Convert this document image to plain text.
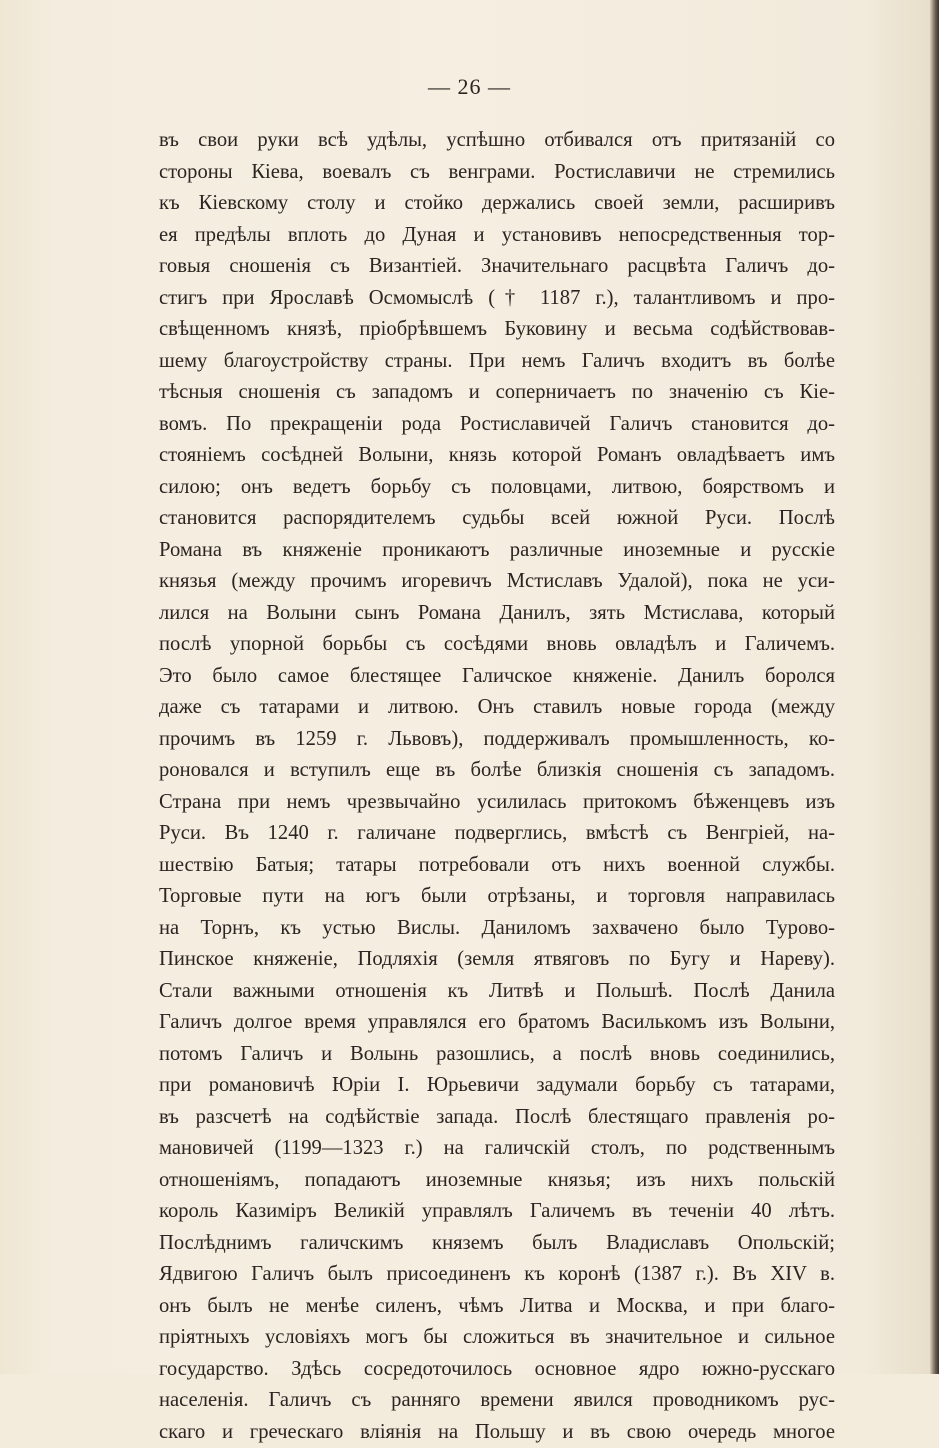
— 26 —
въ свои руки всѣ удѣлы, успѣшно отбивался отъ притязаній со
стороны Кіева, воевалъ съ венграми. Ростиславичи не стремились
къ Кіевскому столу и стойко держались своей земли, расширивъ
ея предѣлы вплоть до Дуная и установивъ непосредственныя тор-
говыя сношенія съ Византіей. Значительнаго расцвѣта Галичъ до-
стигъ при Ярославѣ Осмомыслѣ († 1187 г.), талантливомъ и про-
свѣщенномъ князѣ, пріобрѣвшемъ Буковину и весьма содѣйствовав-
шему благоустройству страны. При немъ Галичъ входитъ въ болѣе
тѣсныя сношенія съ западомъ и соперничаетъ по значенію съ Кіе-
вомъ. По прекращеніи рода Ростиславичей Галичъ становится до-
стояніемъ сосѣдней Волыни, князь которой Романъ овладѣваетъ имъ
силою; онъ ведетъ борьбу съ половцами, литвою, боярствомъ и
становится распорядителемъ судьбы всей южной Руси. Послѣ
Романа въ княженіе проникаютъ различные иноземные и русскіе
князья (между прочимъ игоревичъ Мстиславъ Удалой), пока не уси-
лился на Волыни сынъ Романа Данилъ, зять Мстислава, который
послѣ упорной борьбы съ сосѣдями вновь овладѣлъ и Галичемъ.
Это было самое блестящее Галичское княженіе. Данилъ боролся
даже съ татарами и литвою. Онъ ставилъ новые города (между
прочимъ въ 1259 г. Львовъ), поддерживалъ промышленность, ко-
роновался и вступилъ еще въ болѣе близкія сношенія съ западомъ.
Страна при немъ чрезвычайно усилилась притокомъ бѣженцевъ изъ
Руси. Въ 1240 г. галичане подверглись, вмѣстѣ съ Венгріей, на-
шествію Батыя; татары потребовали отъ нихъ военной службы.
Торговые пути на югъ были отрѣзаны, и торговля направилась
на Торнъ, къ устью Вислы. Даниломъ захвачено было Турово-
Пинское княженіе, Подляхія (земля ятвяговъ по Бугу и Нареву).
Стали важными отношенія къ Литвѣ и Польшѣ. Послѣ Данила
Галичъ долгое время управлялся его братомъ Василькомъ изъ Волыни,
потомъ Галичъ и Волынь разошлись, а послѣ вновь соединились,
при романовичѣ Юріи І. Юрьевичи задумали борьбу съ татарами,
въ разсчетѣ на содѣйствіе запада. Послѣ блестящаго правленія ро-
мановичей (1199—1323 г.) на галичскій столъ, по родственнымъ
отношеніямъ, попадаютъ иноземные князья; изъ нихъ польскій
король Казиміръ Великій управлялъ Галичемъ въ теченіи 40 лѣтъ.
Послѣднимъ галичскимъ княземъ былъ Владиславъ Опольскій;
Ядвигою Галичъ былъ присоединенъ къ коронѣ (1387 г.). Въ XIV в.
онъ былъ не менѣе силенъ, чѣмъ Литва и Москва, и при благо-
пріятныхъ условіяхъ могъ бы сложиться въ значительное и сильное
государство. Здѣсь сосредоточилось основное ядро южно-русскаго
населенія. Галичъ съ ранняго времени явился проводникомъ рус-
скаго и греческаго вліянія на Польшу и въ свою очередь многое
